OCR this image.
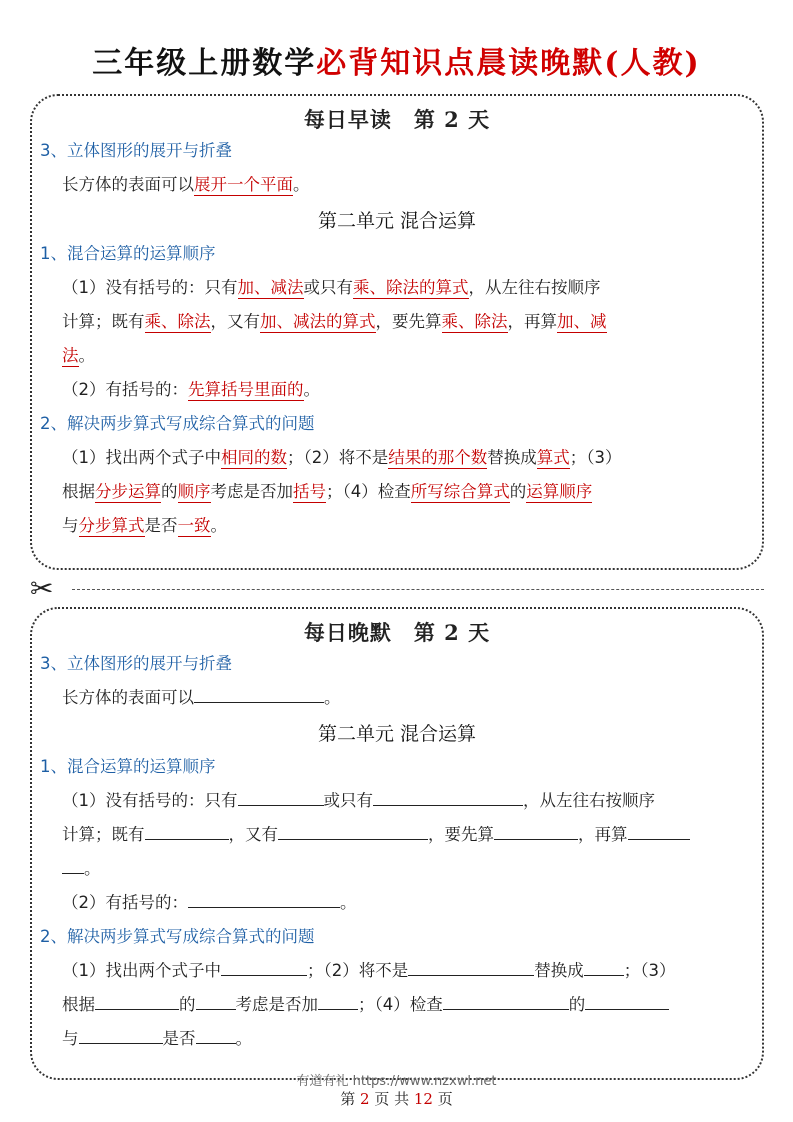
三年级上册数学必背知识点晨读晚默(人教)
每日早读　第 2 天
3、立体图形的展开与折叠
长方体的表面可以展开一个平面。
第二单元 混合运算
1、混合运算的运算顺序
（1）没有括号的：只有加、减法或只有乘、除法的算式，从左往右按顺序
计算；既有乘、除法，又有加、减法的算式，要先算乘、除法，再算加、减
法。
（2）有括号的：先算括号里面的。
2、解决两步算式写成综合算式的问题
（1）找出两个式子中相同的数；（2）将不是结果的那个数替换成算式；（3）
根据分步运算的顺序考虑是否加括号；（4）检查所写综合算式的运算顺序
与分步算式是否一致。
✂
每日晚默　第 2 天
3、立体图形的展开与折叠
长方体的表面可以	。
第二单元 混合运算
1、混合运算的运算顺序
（1）没有括号的：只有	或只有	，从左往右按顺序
计算；既有	，又有	，要先算	，再算
。
（2）有括号的：	。
2、解决两步算式写成综合算式的问题
（1）找出两个式子中	；（2）将不是	替换成 ；（3）
根据	的 考虑是否加 ；（4）检查	的
与	是否 。
有道有礼 https://www.nzxwl.net
第 2 页 共 12 页
